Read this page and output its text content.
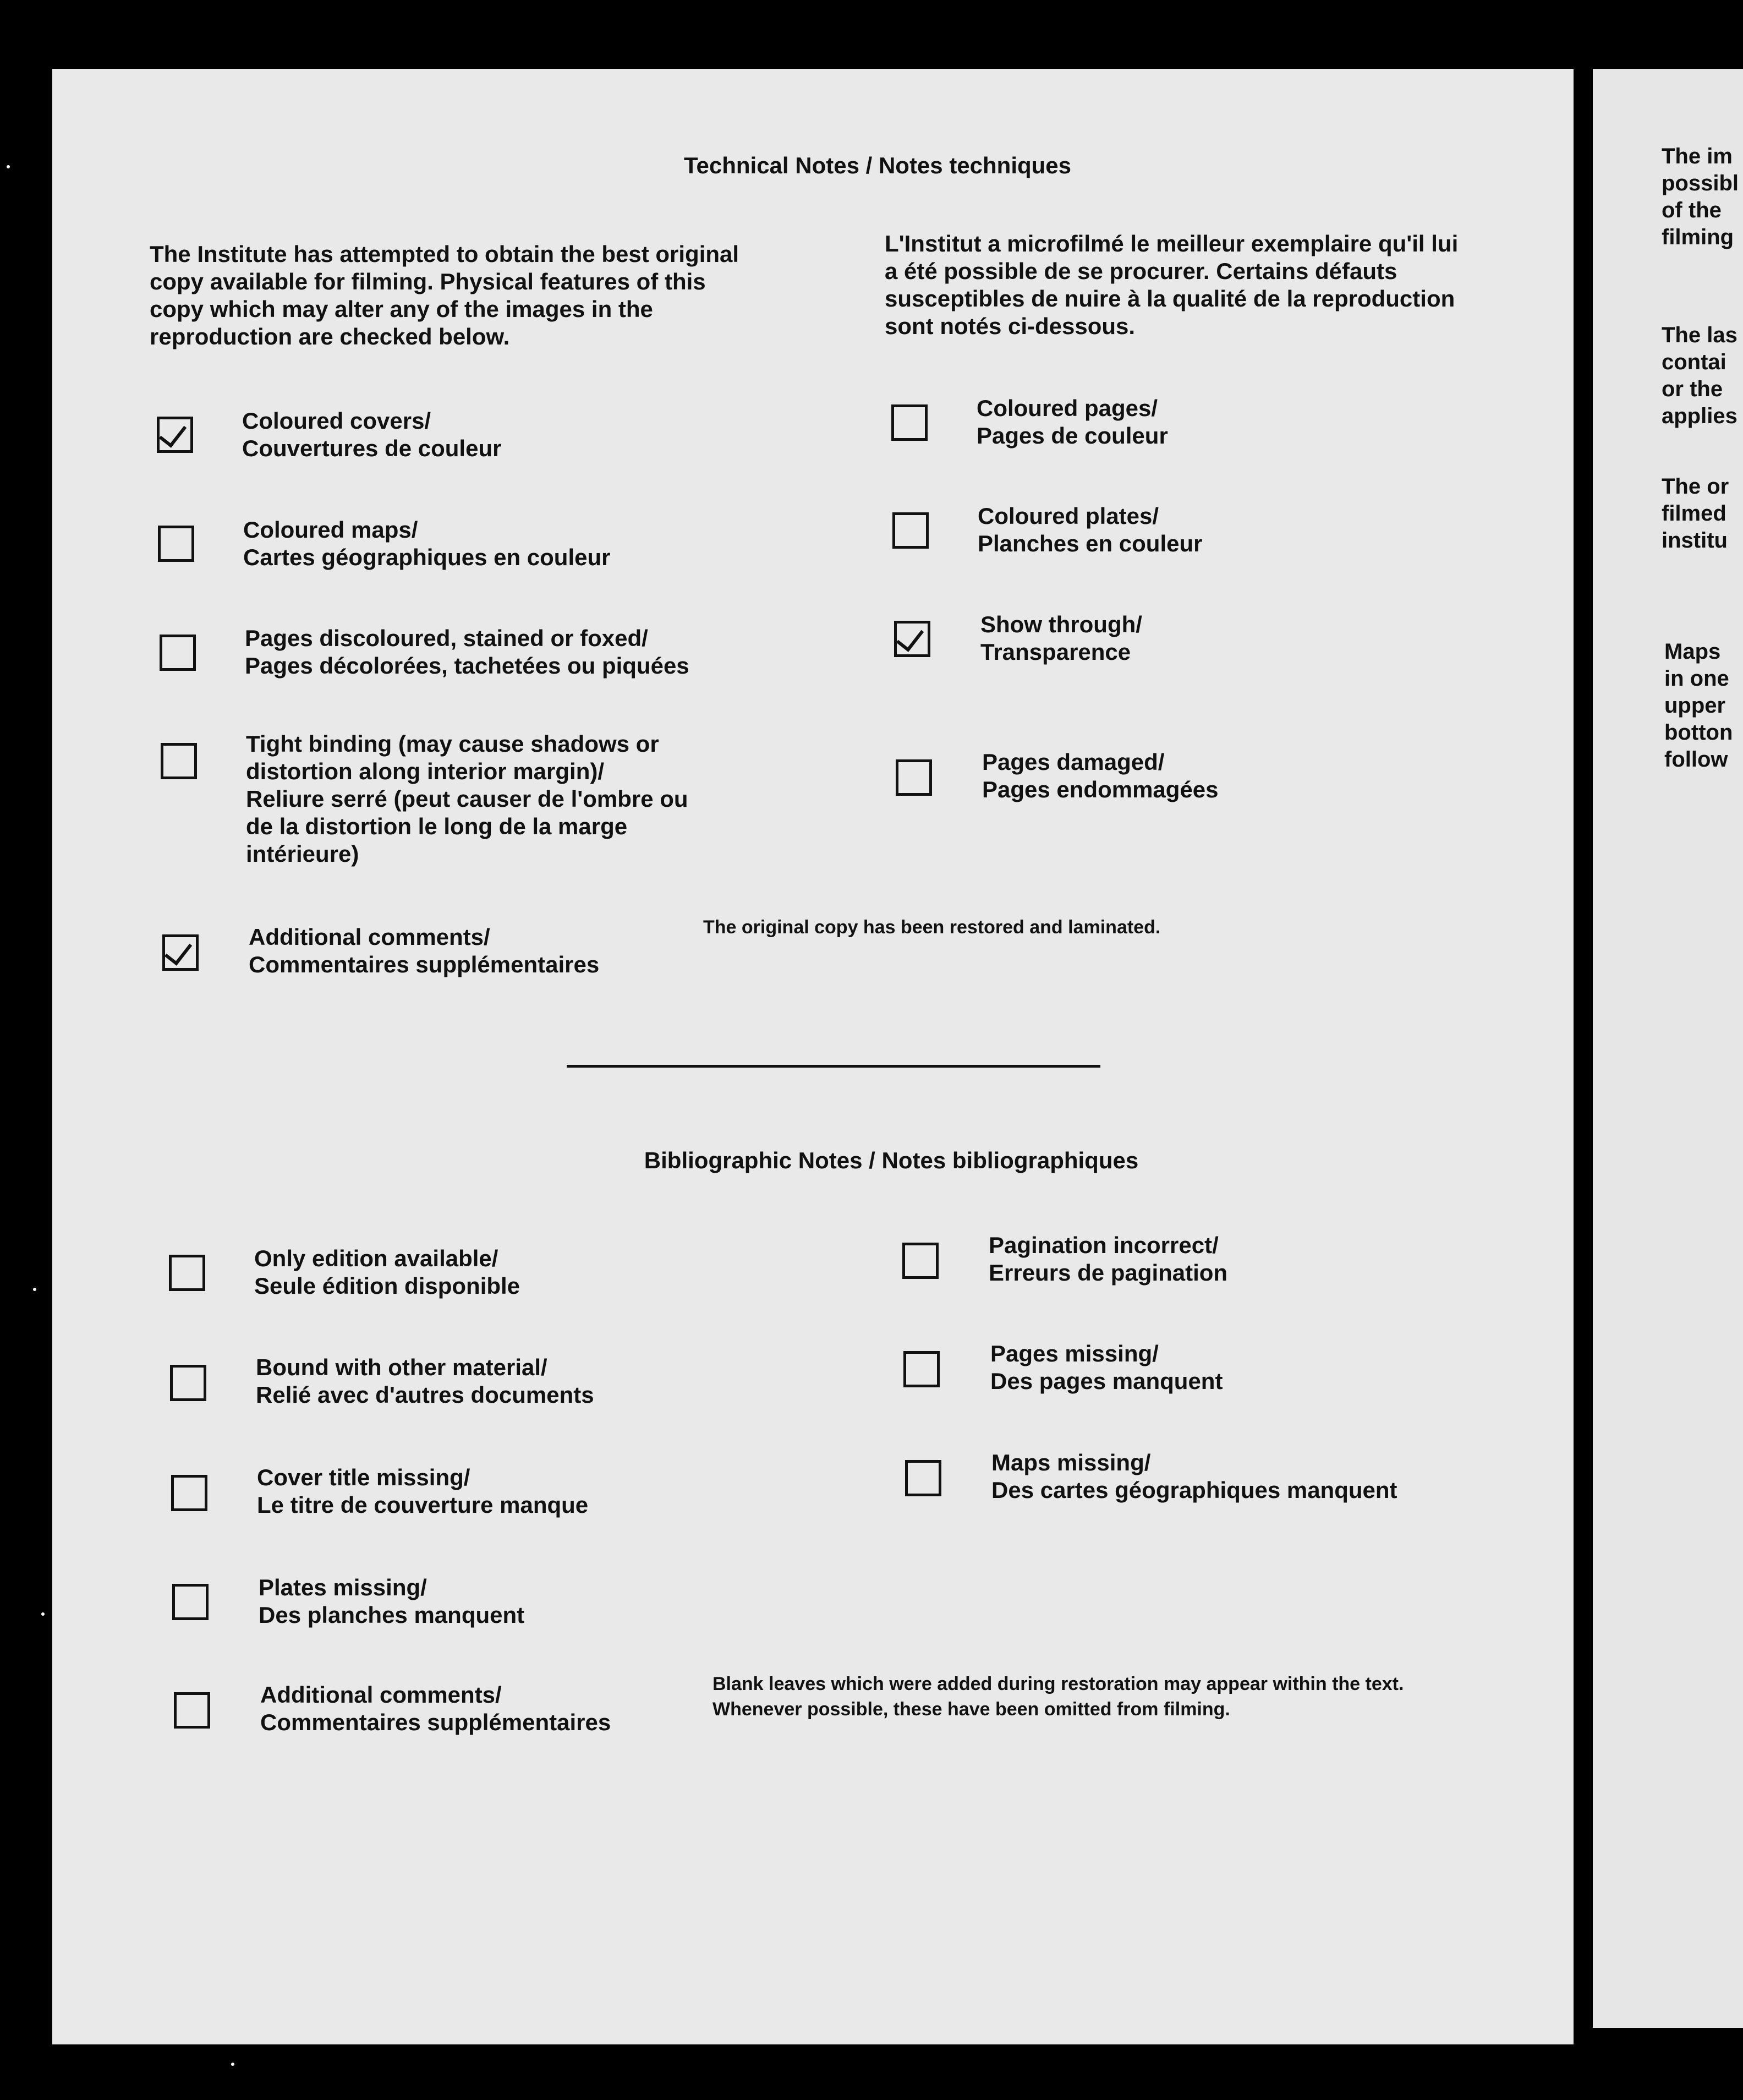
Technical Notes / Notes techniques
The Institute has attempted to obtain the best original copy available for filming. Physical features of this copy which may alter any of the images in the reproduction are checked below.
L'Institut a microfilmé le meilleur exemplaire qu'il lui a été possible de se procurer. Certains défauts susceptibles de nuire à la qualité de la reproduction sont notés ci-dessous.
Coloured covers/
Couvertures de couleur
Coloured maps/
Cartes géographiques en couleur
Pages discoloured, stained or foxed/
Pages décolorées, tachetées ou piquées
Tight binding (may cause shadows or
distortion along interior margin)/
Reliure serré (peut causer de l'ombre ou
de la distortion le long de la marge
intérieure)
Additional comments/
Commentaires supplémentaires
The original copy has been restored and laminated.
Coloured pages/
Pages de couleur
Coloured plates/
Planches en couleur
Show through/
Transparence
Pages damaged/
Pages endommagées
Bibliographic Notes / Notes bibliographiques
Only edition available/
Seule édition disponible
Bound with other material/
Relié avec d'autres documents
Cover title missing/
Le titre de couverture manque
Plates missing/
Des planches manquent
Additional comments/
Commentaires supplémentaires
Blank leaves which were added during restoration may appear within the text. Whenever possible, these have been omitted from filming.
Pagination incorrect/
Erreurs de pagination
Pages missing/
Des pages manquent
Maps missing/
Des cartes géographiques manquent
The im
possibl
of the
filming
The las
contai
or the
applies
The or
filmed
institu
Maps
in one
upper
botton
follow
